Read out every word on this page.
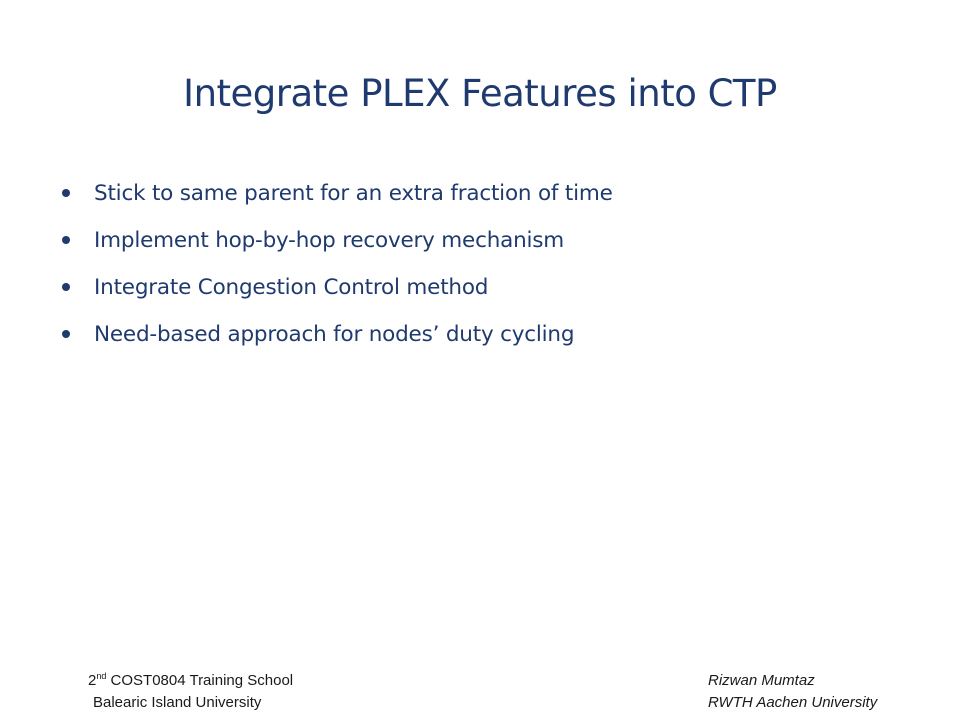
Integrate PLEX Features into CTP
Stick to same parent for an extra fraction of time
Implement hop-by-hop recovery mechanism
Integrate Congestion Control method
Need-based approach for nodes’ duty cycling
2nd COST0804 Training School
Balearic Island University
Rizwan Mumtaz
RWTH Aachen University
